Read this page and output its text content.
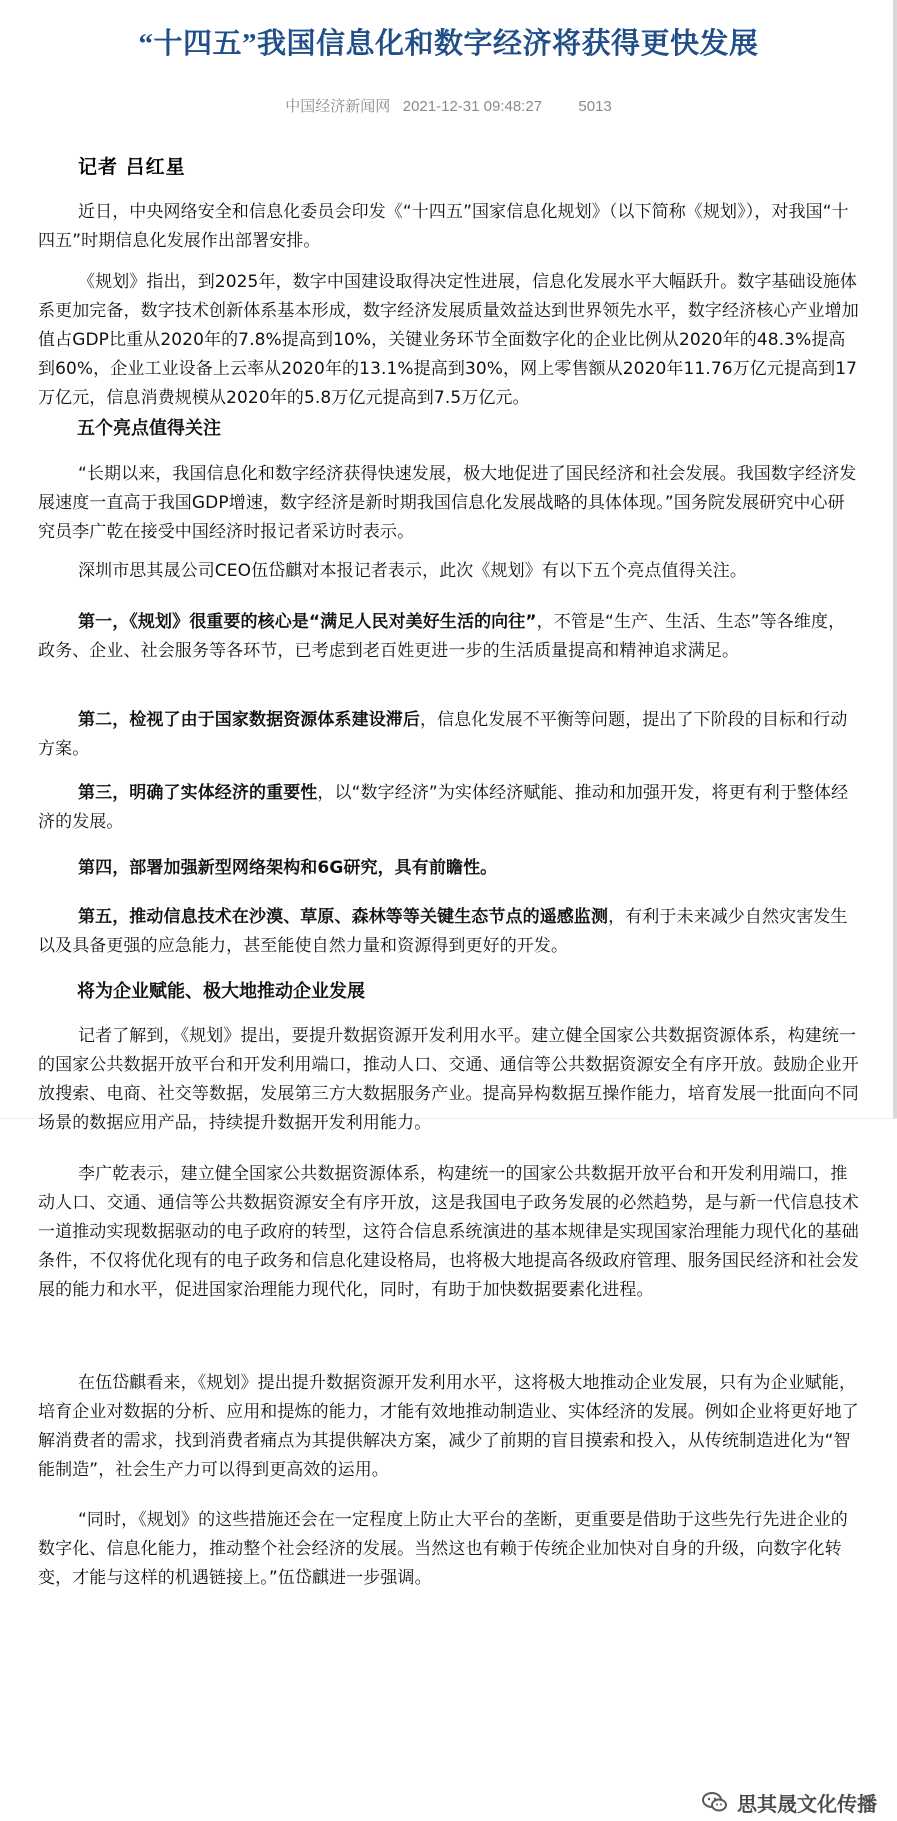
“十四五”我国信息化和数字经济将获得更快发展
中国经济新闻网 2021-12-31 09:48:27 5013
记者 吕红星
近日，中央网络安全和信息化委员会印发《“十四五”国家信息化规划》（以下简称《规划》），对我国“十四五”时期信息化发展作出部署安排。
《规划》指出，到2025年，数字中国建设取得决定性进展，信息化发展水平大幅跃升。数字基础设施体系更加完备，数字技术创新体系基本形成，数字经济发展质量效益达到世界领先水平，数字经济核心产业增加值占GDP比重从2020年的7.8%提高到10%，关键业务环节全面数字化的企业比例从2020年的48.3%提高到60%，企业工业设备上云率从2020年的13.1%提高到30%，网上零售额从2020年11.76万亿元提高到17万亿元，信息消费规模从2020年的5.8万亿元提高到7.5万亿元。
五个亮点值得关注
“长期以来，我国信息化和数字经济获得快速发展，极大地促进了国民经济和社会发展。我国数字经济发展速度一直高于我国GDP增速，数字经济是新时期我国信息化发展战略的具体体现。”国务院发展研究中心研究员李广乾在接受中国经济时报记者采访时表示。
深圳市思其晟公司CEO伍岱麒对本报记者表示，此次《规划》有以下五个亮点值得关注。
第一，《规划》很重要的核心是“满足人民对美好生活的向往”，不管是“生产、生活、生态”等各维度，政务、企业、社会服务等各环节，已考虑到老百姓更进一步的生活质量提高和精神追求满足。
第二，检视了由于国家数据资源体系建设滞后，信息化发展不平衡等问题，提出了下阶段的目标和行动方案。
第三，明确了实体经济的重要性，以“数字经济”为实体经济赋能、推动和加强开发，将更有利于整体经济的发展。
第四，部署加强新型网络架构和6G研究，具有前瞻性。
第五，推动信息技术在沙漠、草原、森林等等关键生态节点的遥感监测，有利于未来减少自然灾害发生以及具备更强的应急能力，甚至能使自然力量和资源得到更好的开发。
将为企业赋能、极大地推动企业发展
记者了解到，《规划》提出，要提升数据资源开发利用水平。建立健全国家公共数据资源体系，构建统一的国家公共数据开放平台和开发利用端口，推动人口、交通、通信等公共数据资源安全有序开放。鼓励企业开放搜索、电商、社交等数据，发展第三方大数据服务产业。提高异构数据互操作能力，培育发展一批面向不同场景的数据应用产品，持续提升数据开发利用能力。
李广乾表示，建立健全国家公共数据资源体系，构建统一的国家公共数据开放平台和开发利用端口，推动人口、交通、通信等公共数据资源安全有序开放，这是我国电子政务发展的必然趋势，是与新一代信息技术一道推动实现数据驱动的电子政府的转型，这符合信息系统演进的基本规律是实现国家治理能力现代化的基础条件，不仅将优化现有的电子政务和信息化建设格局，也将极大地提高各级政府管理、服务国民经济和社会发展的能力和水平，促进国家治理能力现代化，同时，有助于加快数据要素化进程。
在伍岱麒看来，《规划》提出提升数据资源开发利用水平，这将极大地推动企业发展，只有为企业赋能，培育企业对数据的分析、应用和提炼的能力，才能有效地推动制造业、实体经济的发展。例如企业将更好地了解消费者的需求，找到消费者痛点为其提供解决方案，减少了前期的盲目摸索和投入，从传统制造进化为“智能制造”，社会生产力可以得到更高效的运用。
“同时，《规划》的这些措施还会在一定程度上防止大平台的垄断，更重要是借助于这些先行先进企业的数字化、信息化能力，推动整个社会经济的发展。当然这也有赖于传统企业加快对自身的升级，向数字化转变，才能与这样的机遇链接上。”伍岱麒进一步强调。
思其晟文化传播
